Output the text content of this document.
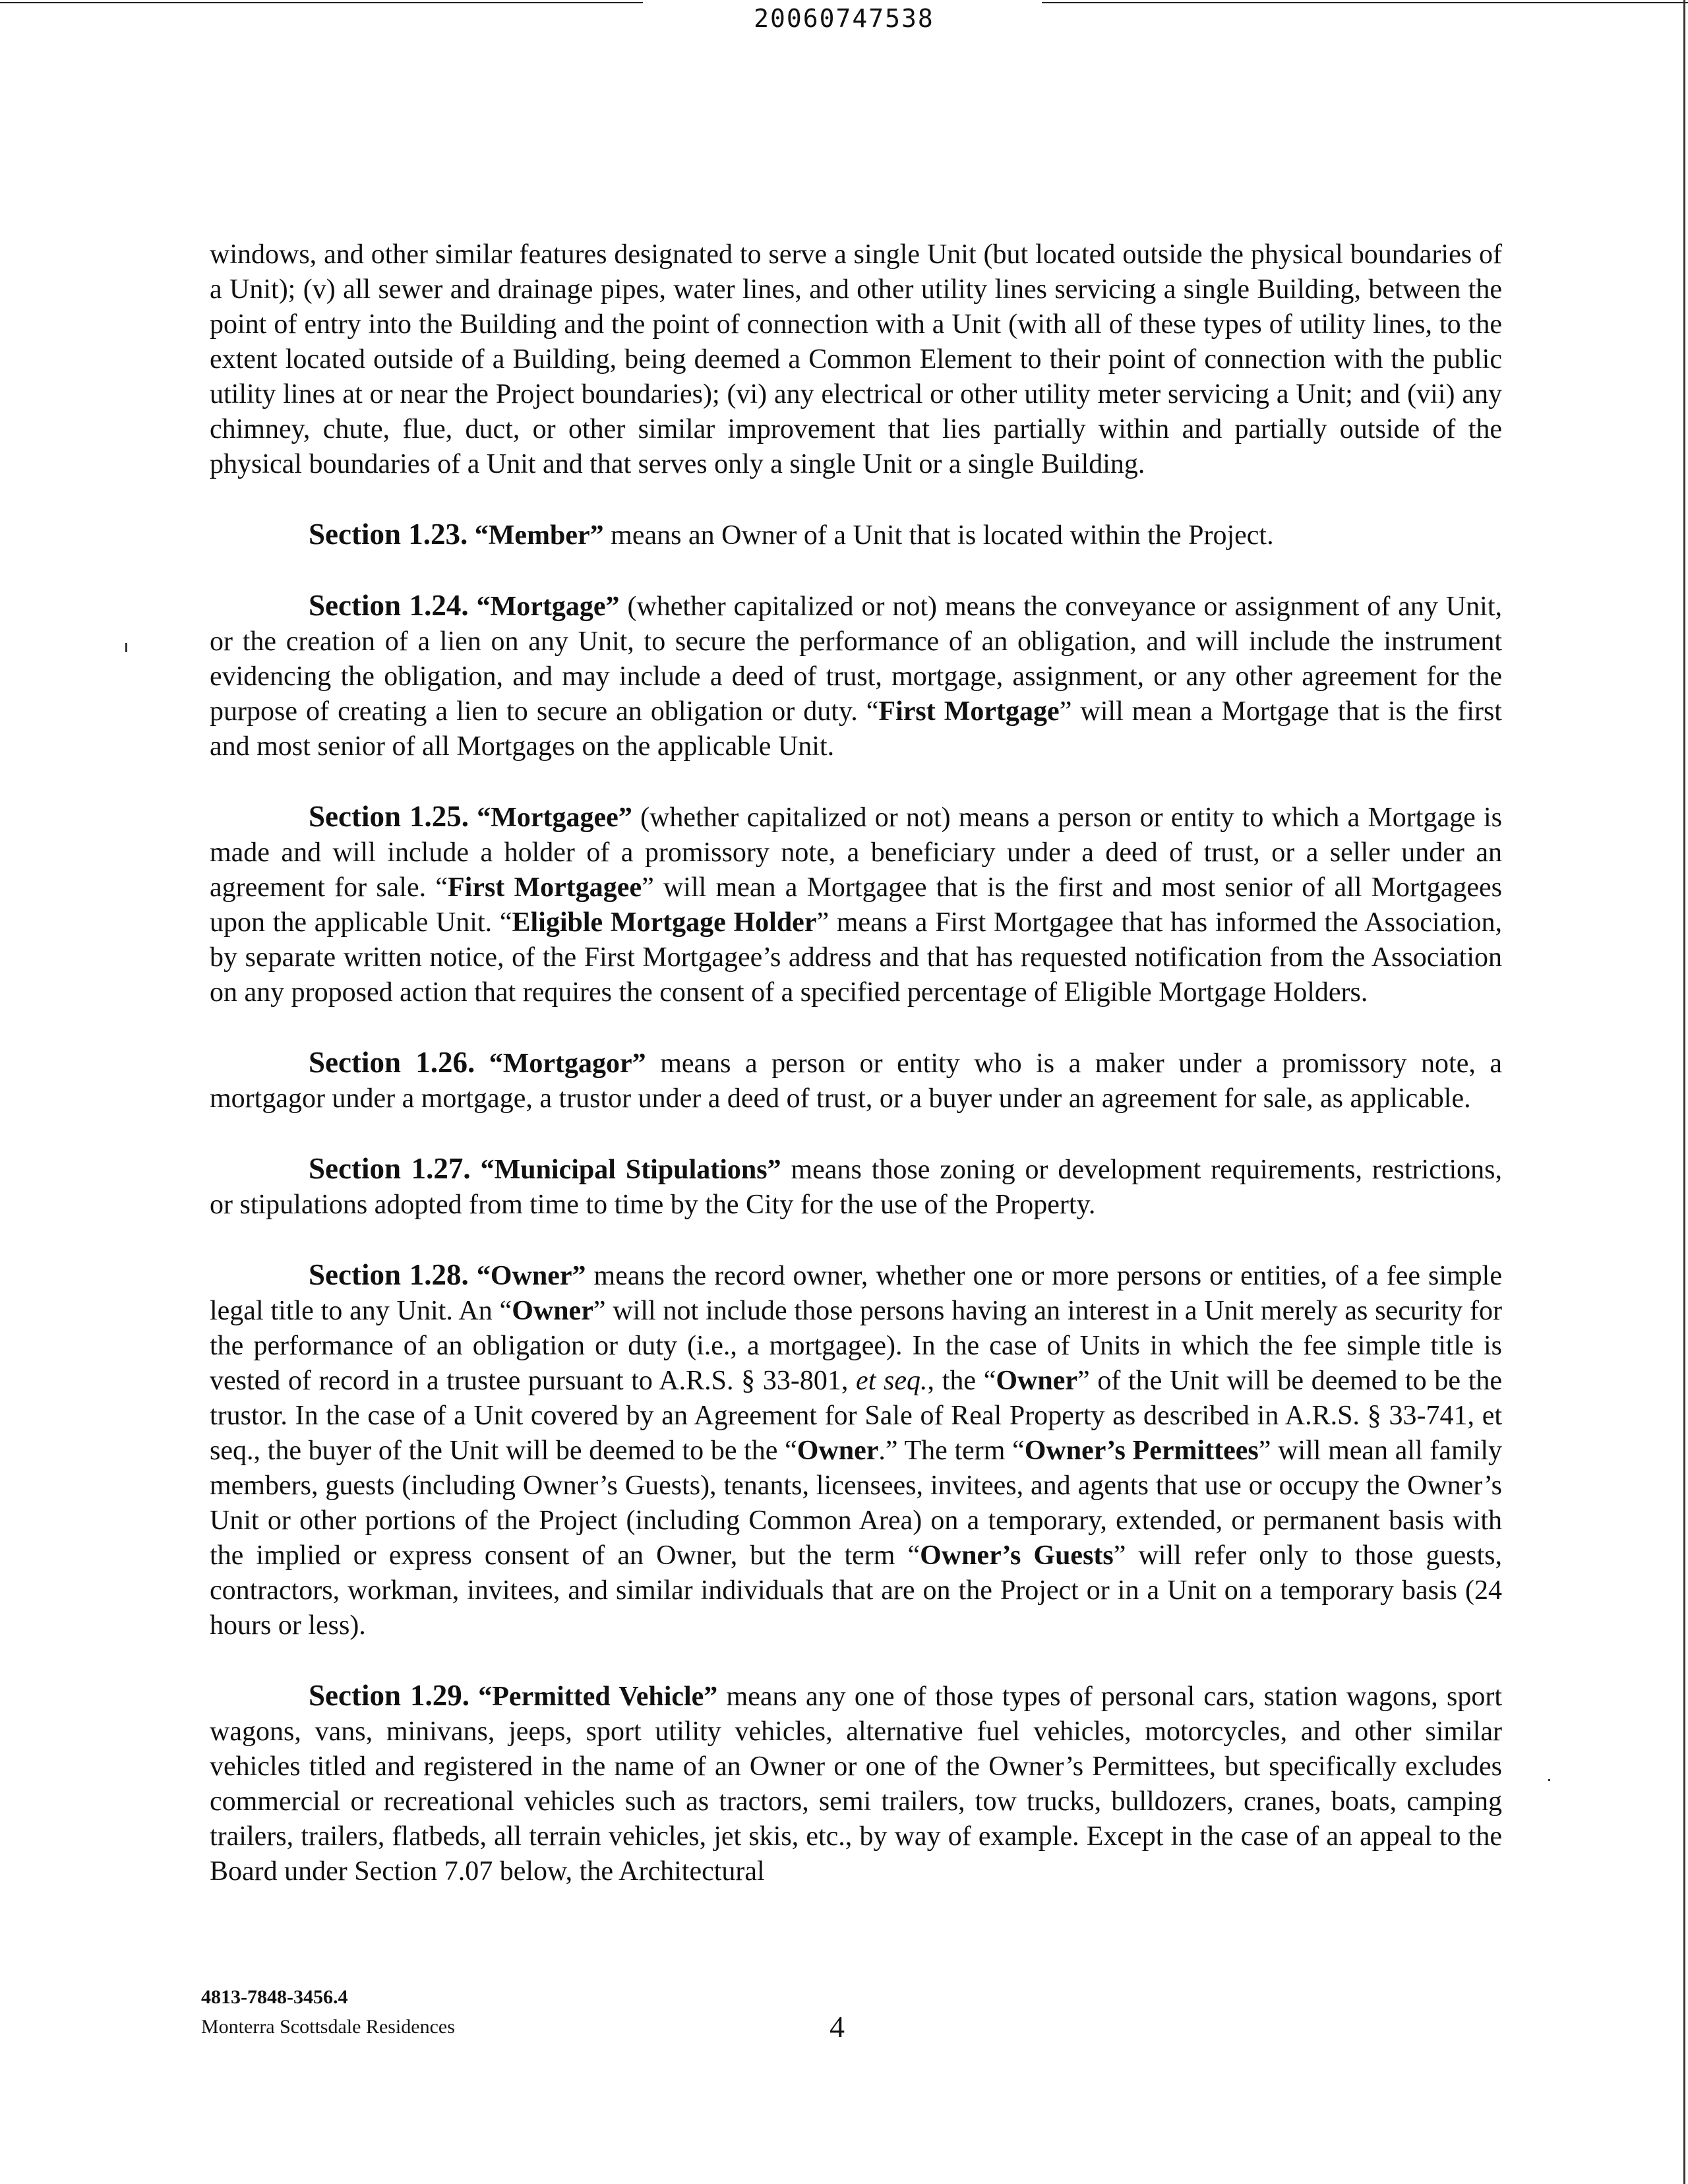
20060747538

windows, and other similar features designated to serve a single Unit (but located outside the physical boundaries of a Unit); (v) all sewer and drainage pipes, water lines, and other utility lines servicing a single Building, between the point of entry into the Building and the point of connection with a Unit (with all of these types of utility lines, to the extent located outside of a Building, being deemed a Common Element to their point of connection with the public utility lines at or near the Project boundaries); (vi) any electrical or other utility meter servicing a Unit; and (vii) any chimney, chute, flue, duct, or other similar improvement that lies partially within and partially outside of the physical boundaries of a Unit and that serves only a single Unit or a single Building.

Section 1.23. “Member” means an Owner of a Unit that is located within the Project.

Section 1.24. “Mortgage” (whether capitalized or not) means the conveyance or assignment of any Unit, or the creation of a lien on any Unit, to secure the performance of an obligation, and will include the instrument evidencing the obligation, and may include a deed of trust, mortgage, assignment, or any other agreement for the purpose of creating a lien to secure an obligation or duty. “First Mortgage” will mean a Mortgage that is the first and most senior of all Mortgages on the applicable Unit.

Section 1.25. “Mortgagee” (whether capitalized or not) means a person or entity to which a Mortgage is made and will include a holder of a promissory note, a beneficiary under a deed of trust, or a seller under an agreement for sale. “First Mortgagee” will mean a Mortgagee that is the first and most senior of all Mortgagees upon the applicable Unit. “Eligible Mortgage Holder” means a First Mortgagee that has informed the Association, by separate written notice, of the First Mortgagee’s address and that has requested notification from the Association on any proposed action that requires the consent of a specified percentage of Eligible Mortgage Holders.

Section 1.26. “Mortgagor” means a person or entity who is a maker under a promissory note, a mortgagor under a mortgage, a trustor under a deed of trust, or a buyer under an agreement for sale, as applicable.

Section 1.27. “Municipal Stipulations” means those zoning or development requirements, restrictions, or stipulations adopted from time to time by the City for the use of the Property.

Section 1.28. “Owner” means the record owner, whether one or more persons or entities, of a fee simple legal title to any Unit. An “Owner” will not include those persons having an interest in a Unit merely as security for the performance of an obligation or duty (i.e., a mortgagee). In the case of Units in which the fee simple title is vested of record in a trustee pursuant to A.R.S. § 33-801, et seq., the “Owner” of the Unit will be deemed to be the trustor. In the case of a Unit covered by an Agreement for Sale of Real Property as described in A.R.S. § 33-741, et seq., the buyer of the Unit will be deemed to be the “Owner.” The term “Owner’s Permittees” will mean all family members, guests (including Owner’s Guests), tenants, licensees, invitees, and agents that use or occupy the Owner’s Unit or other portions of the Project (including Common Area) on a temporary, extended, or permanent basis with the implied or express consent of an Owner, but the term “Owner’s Guests” will refer only to those guests, contractors, workman, invitees, and similar individuals that are on the Project or in a Unit on a temporary basis (24 hours or less).

Section 1.29. “Permitted Vehicle” means any one of those types of personal cars, station wagons, sport wagons, vans, minivans, jeeps, sport utility vehicles, alternative fuel vehicles, motorcycles, and other similar vehicles titled and registered in the name of an Owner or one of the Owner’s Permittees, but specifically excludes commercial or recreational vehicles such as tractors, semi trailers, tow trucks, bulldozers, cranes, boats, camping trailers, trailers, flatbeds, all terrain vehicles, jet skis, etc., by way of example. Except in the case of an appeal to the Board under Section 7.07 below, the Architectural

4813-7848-3456.4
Monterra Scottsdale Residences	4
